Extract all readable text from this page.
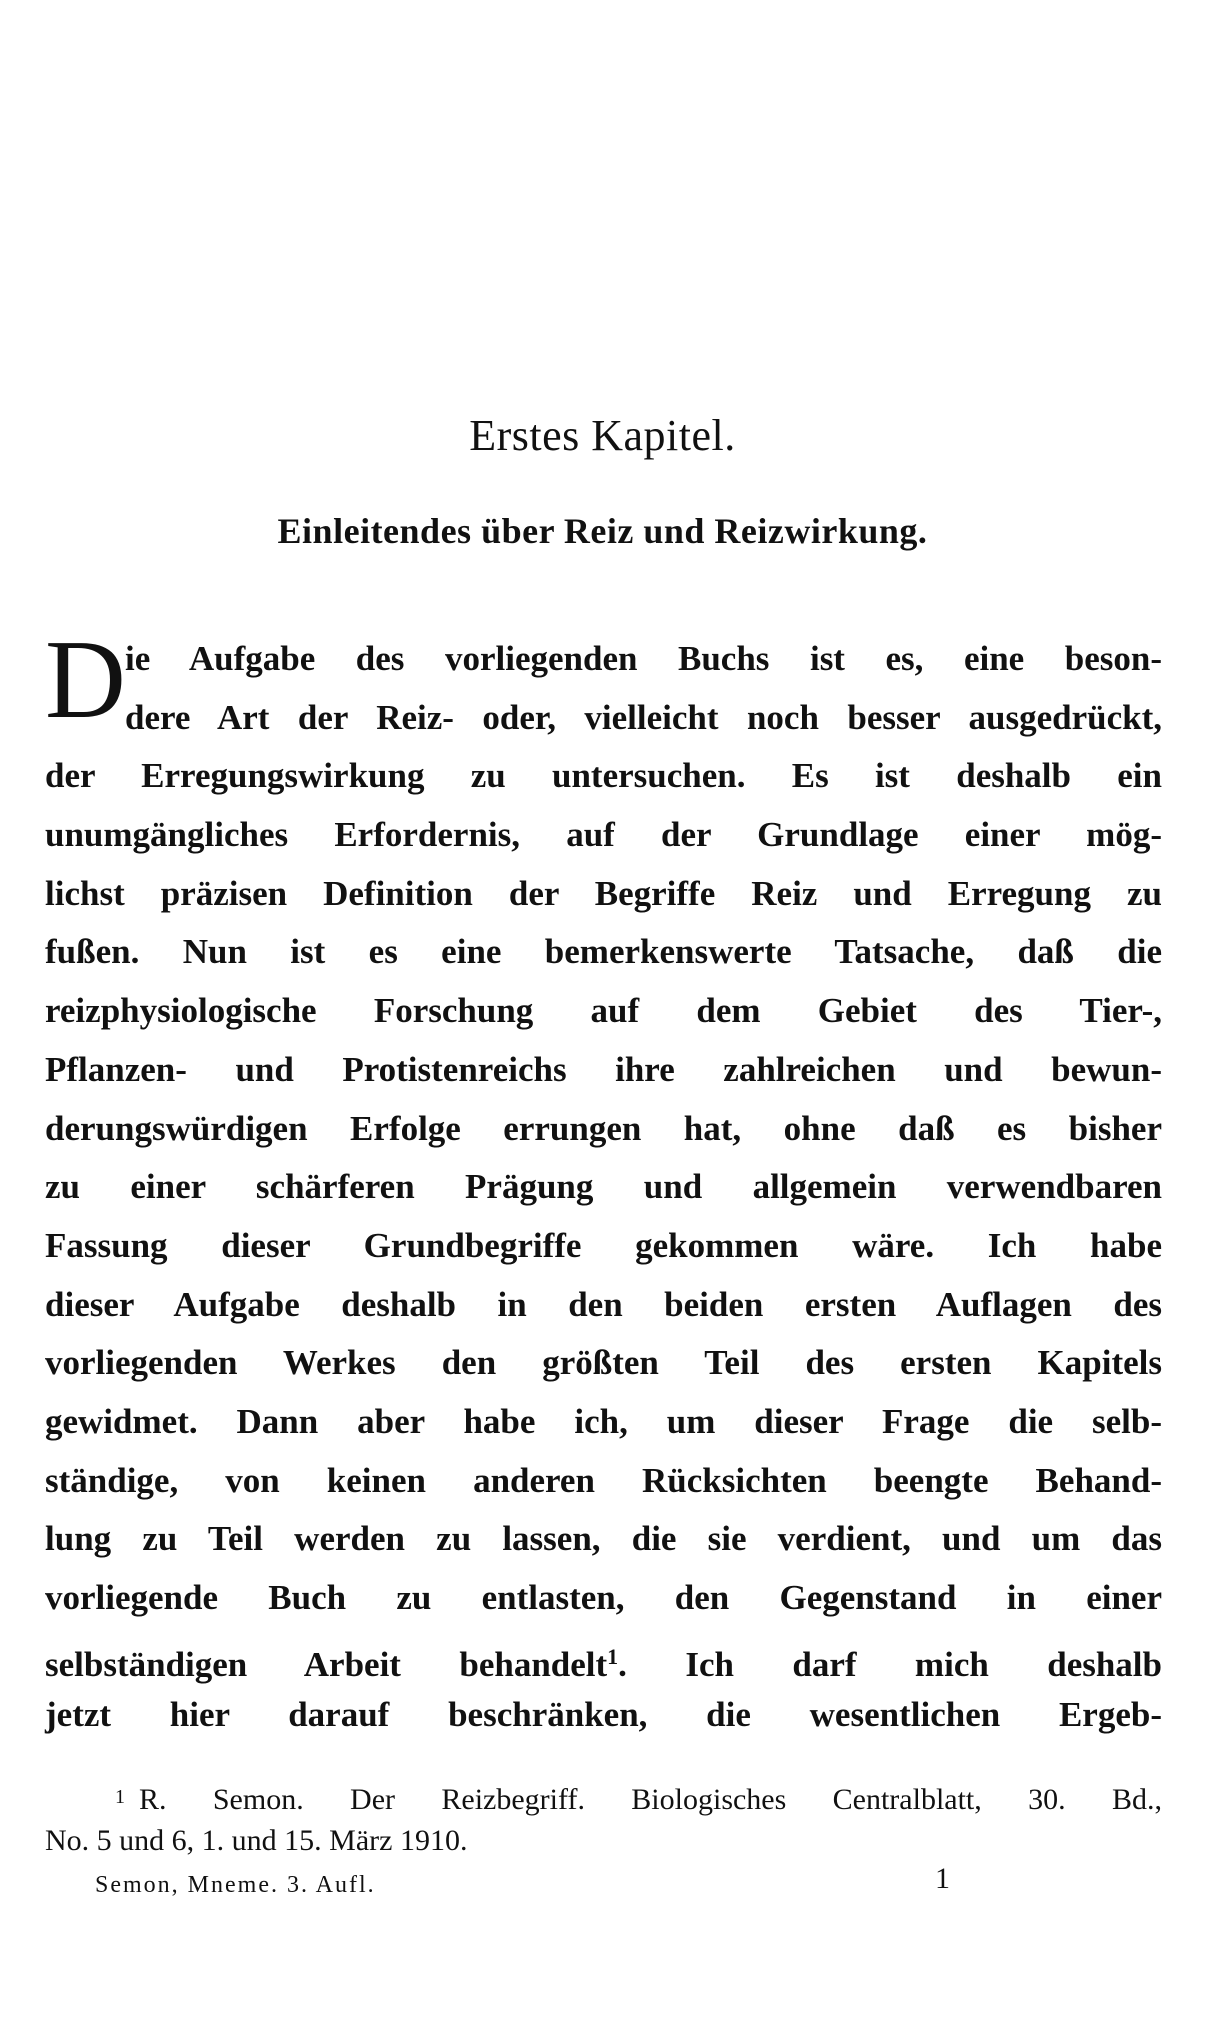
Erstes Kapitel.
Einleitendes über Reiz und Reizwirkung.
D ie Aufgabe des vorliegenden Buchs ist es, eine beson-
dere Art der Reiz- oder, vielleicht noch besser ausgedrückt,
der Erregungswirkung zu untersuchen. Es ist deshalb ein
unumgängliches Erfordernis, auf der Grundlage einer mög-
lichst präzisen Definition der Begriffe Reiz und Erregung zu
fußen. Nun ist es eine bemerkenswerte Tatsache, daß die
reizphysiologische Forschung auf dem Gebiet des Tier-,
Pflanzen- und Protistenreichs ihre zahlreichen und bewun-
derungswürdigen Erfolge errungen hat, ohne daß es bisher
zu einer schärferen Prägung und allgemein verwendbaren
Fassung dieser Grundbegriffe gekommen wäre. Ich habe
dieser Aufgabe deshalb in den beiden ersten Auflagen des
vorliegenden Werkes den größten Teil des ersten Kapitels
gewidmet. Dann aber habe ich, um dieser Frage die selb-
ständige, von keinen anderen Rücksichten beengte Behand-
lung zu Teil werden zu lassen, die sie verdient, und um das
vorliegende Buch zu entlasten, den Gegenstand in einer
selbständigen Arbeit behandelt$^1$. Ich darf mich deshalb
jetzt hier darauf beschränken, die wesentlichen Ergeb-
$^1$ R. Semon. Der Reizbegriff. Biologisches Centralblatt, 30. Bd.,
No. 5 und 6, 1. und 15. März 1910.
Semon, Mneme. 3. Aufl.	1
